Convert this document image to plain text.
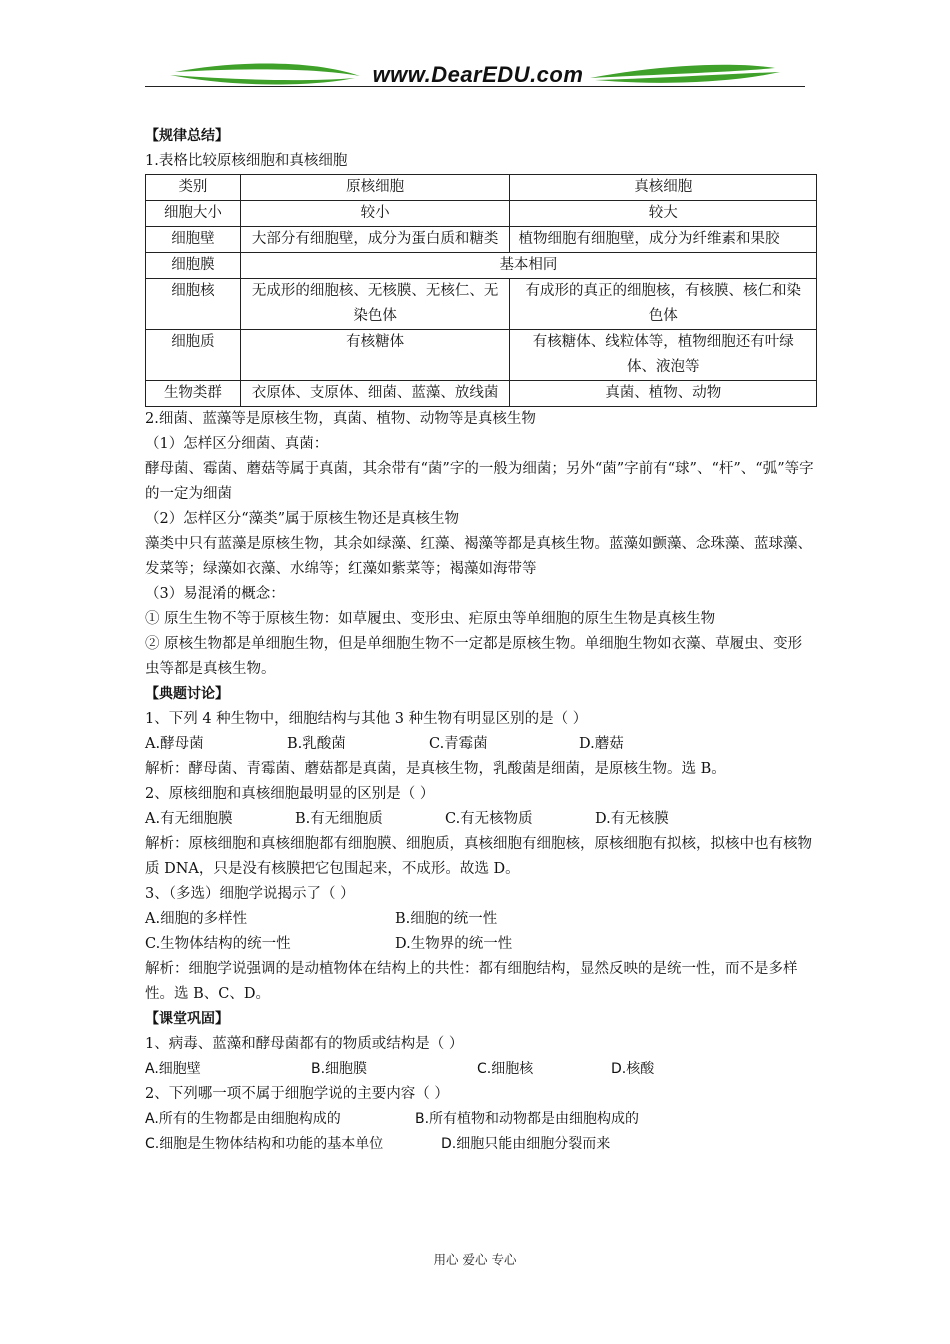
www.DearEDU.com

【规律总结】

1.表格比较原核细胞和真核细胞

类别	原核细胞	真核细胞
细胞大小	较小	较大
细胞壁	大部分有细胞壁，成分为蛋白质和糖类	植物细胞有细胞壁，成分为纤维素和果胶
细胞膜	基本相同	
细胞核	无成形的细胞核、无核膜、无核仁、无染色体	有成形的真正的细胞核，有核膜、核仁和染色体
细胞质	有核糖体	有核糖体、线粒体等，植物细胞还有叶绿体、液泡等
生物类群	衣原体、支原体、细菌、蓝藻、放线菌	真菌、植物、动物

2.细菌、蓝藻等是原核生物，真菌、植物、动物等是真核生物

（1）怎样区分细菌、真菌：

酵母菌、霉菌、蘑菇等属于真菌，其余带有“菌”字的一般为细菌；另外“菌”字前有“球”、“杆”、“弧”等字的一定为细菌

（2）怎样区分“藻类”属于原核生物还是真核生物

藻类中只有蓝藻是原核生物，其余如绿藻、红藻、褐藻等都是真核生物。蓝藻如颤藻、念珠藻、蓝球藻、发菜等；绿藻如衣藻、水绵等；红藻如紫菜等；褐藻如海带等

（3）易混淆的概念：

① 原生生物不等于原核生物：如草履虫、变形虫、疟原虫等单细胞的原生生物是真核生物

② 原核生物都是单细胞生物，但是单细胞生物不一定都是原核生物。单细胞生物如衣藻、草履虫、变形虫等都是真核生物。

【典题讨论】

1、下列 4 种生物中，细胞结构与其他 3 种生物有明显区别的是（ ）

A.酵母菌	B.乳酸菌	C.青霉菌	D.蘑菇

解析：酵母菌、青霉菌、蘑菇都是真菌，是真核生物，乳酸菌是细菌，是原核生物。选 B。

2、原核细胞和真核细胞最明显的区别是（ ）

A.有无细胞膜	B.有无细胞质	C.有无核物质	D.有无核膜

解析：原核细胞和真核细胞都有细胞膜、细胞质，真核细胞有细胞核，原核细胞有拟核，拟核中也有核物质 DNA，只是没有核膜把它包围起来，不成形。故选 D。

3、（多选）细胞学说揭示了（ ）

A.细胞的多样性	B.细胞的统一性
C.生物体结构的统一性	D.生物界的统一性

解析：细胞学说强调的是动植物体在结构上的共性：都有细胞结构，显然反映的是统一性，而不是多样性。选 B、C、D。

【课堂巩固】

1、病毒、蓝藻和酵母菌都有的物质或结构是（ ）

A.细胞壁	B.细胞膜	C.细胞核	D.核酸

2、下列哪一项不属于细胞学说的主要内容（ ）

A.所有的生物都是由细胞构成的	B.所有植物和动物都是由细胞构成的
C.细胞是生物体结构和功能的基本单位	D.细胞只能由细胞分裂而来
用心 爱心 专心
